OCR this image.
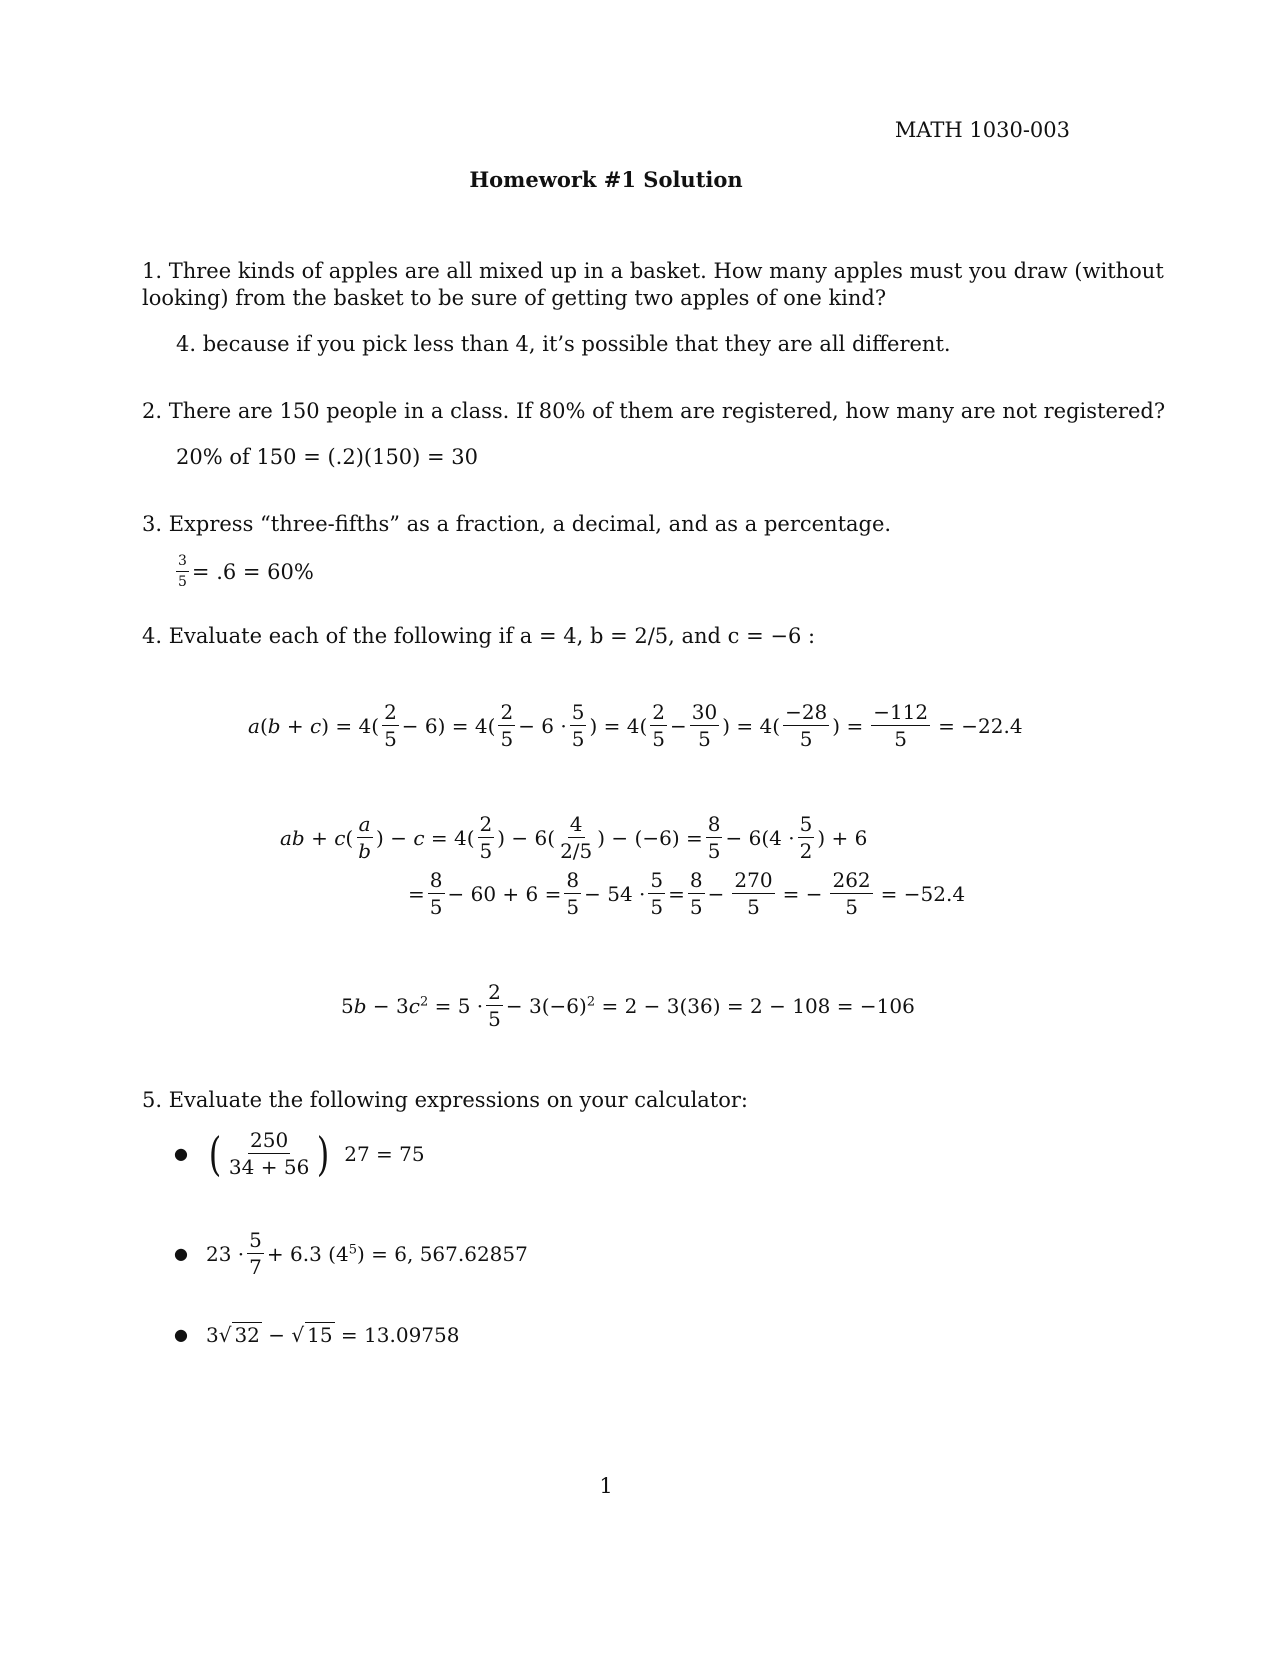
MATH 1030-003
Homework #1 Solution
1. Three kinds of apples are all mixed up in a basket. How many apples must you draw (without
looking) from the basket to be sure of getting two apples of one kind?
4. because if you pick less than 4, it’s possible that they are all different.
2. There are 150 people in a class. If 80% of them are registered, how many are not registered?
20% of 150 = (.2)(150) = 30
3. Express “three-fifths” as a fraction, a decimal, and as a percentage.
$\frac{3}{5} = .6 = 60\%$
4. Evaluate each of the following if a = 4, b = 2/5, and c = −6 :
$a(b + c) = 4( \frac{2}{5} - 6) = 4( \frac{2}{5} - 6 \cdot \frac{5}{5}$ ) = $4( \frac{2}{5} - \frac{30}{5}$ ) = $4( \frac{-28}{5}$ ) = $\frac{-112}{5} = -22.4$
ab + $c( \frac{a}{b}$ ) − $c = 4( \frac{2}{5}$ ) − $6( \frac{4}{2/5}$ ) − $(-6) = \frac{8}{5} - 6(4 \cdot \frac{5}{2}$ ) + 6
= $\frac{8}{5} - 60 + 6 = \frac{8}{5} - 54 \cdot \frac{5}{5} = \frac{8}{5} - \frac{270}{5}$ = − $\frac{262}{5} = -52.4$
$5b - 3c^2 = 5 \cdot \frac{2}{5} - 3(-6)^2 = 2 - 3(36) = 2 - 108 = -106$
5. Evaluate the following expressions on your calculator:
● ( $\frac{250}{34 + 56}$ ) 27 = 75
● $23 \cdot \frac{5}{7} + 6.3$ $(4^5) = 6$, 567.62857
● 3√ 32 − √ 15 = 13.09758
1
